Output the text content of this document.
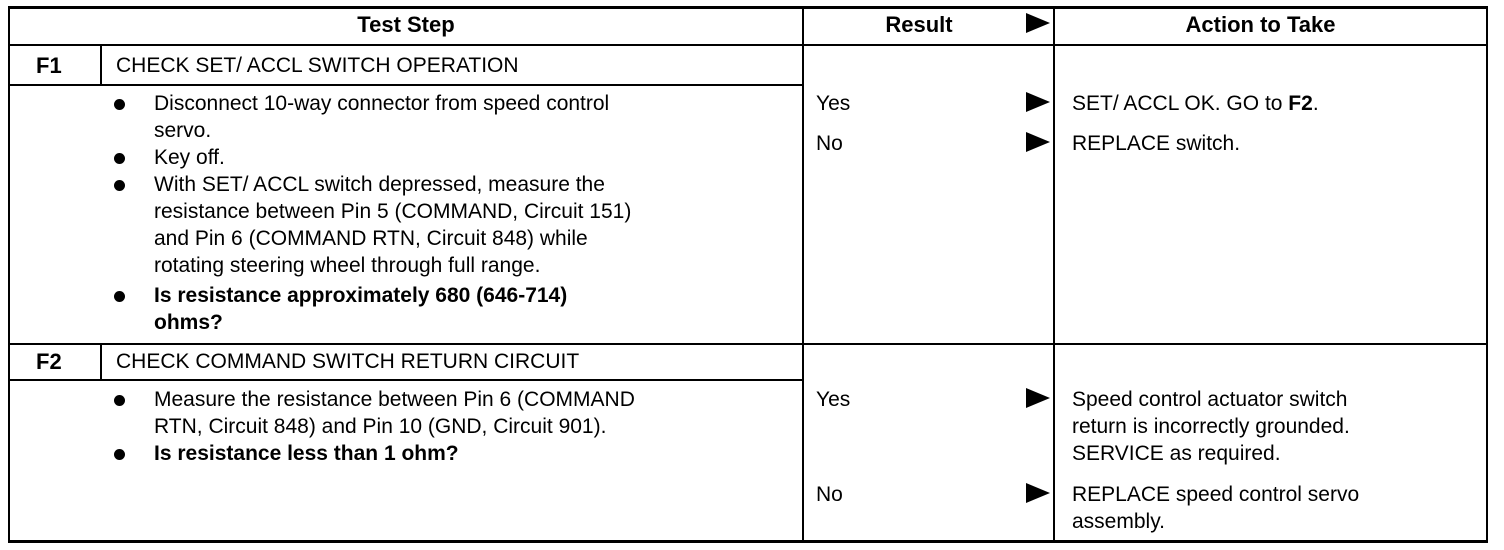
Test Step	Result	Action to Take
F1	CHECK SET/ ACCL SWITCH OPERATION
Disconnect 10-way connector from speed control
servo.
Key off.
With SET/ ACCL switch depressed, measure the
resistance between Pin 5 (COMMAND, Circuit 151)
and Pin 6 (COMMAND RTN, Circuit 848) while
rotating steering wheel through full range.
Is resistance approximately 680 (646-714)
ohms?
Yes	SET/ ACCL OK. GO to F2.
No	REPLACE switch.
F2	CHECK COMMAND SWITCH RETURN CIRCUIT
Measure the resistance between Pin 6 (COMMAND
RTN, Circuit 848) and Pin 10 (GND, Circuit 901).
Is resistance less than 1 ohm?
Yes	Speed control actuator switch
return is incorrectly grounded.
SERVICE as required.
No	REPLACE speed control servo
assembly.
